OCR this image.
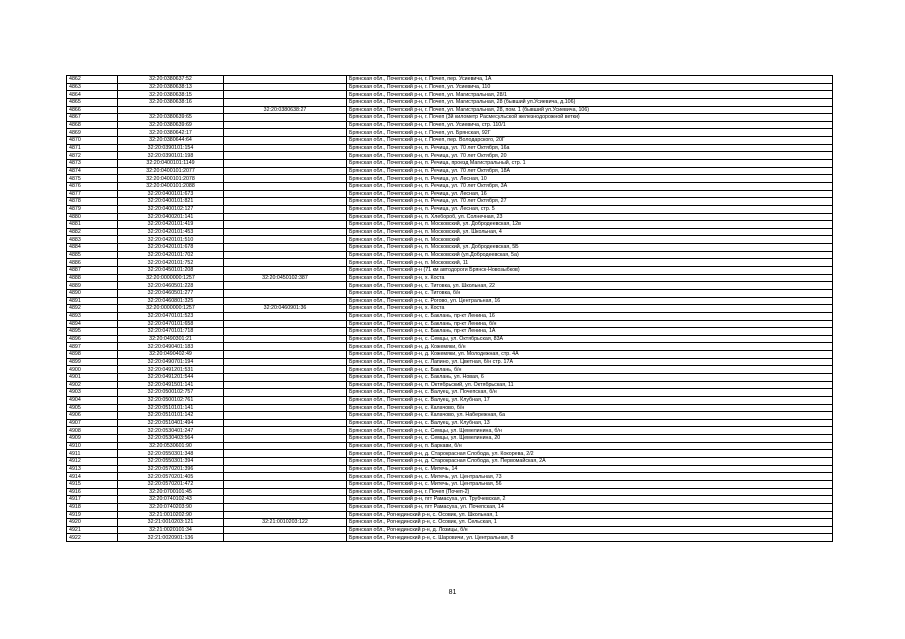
4862	32:20:0380637:52		Брянская обл., Почепский р-н, г. Почеп, пер. Усиевича, 1А
4863	32:20:0380638:13		Брянская обл., Почепский р-н, г. Почеп, ул. Усиевича, 110
4864	32:20:0380638:15		Брянская обл., Почепский р-н, г. Почеп, ул. Магистральная, 28/1
4865	32:20:0380638:16		Брянская обл., Почепский р-н, г. Почеп, ул. Магистральная, 28 (бывший ул.Усиевича, д.106)
4866		32:20:0380638:27	Брянская обл., Почепский р-н, г. Почеп, ул. Магистральная, 28, пом. 1 (бывший ул.Усиевича, 106)
4867	32:20:0380639:65		Брянская обл., Почепский р-н, г. Почеп (3й километр Расмесульской железнодорожной ветки)
4868	32:20:0380639:69		Брянская обл., Почепский р-н, г. Почеп, ул. Усиевича, стр. 110/1
4869	32:20:0380642:17		Брянская обл., Почепский р-н, г. Почеп, ул. Брянская, 92Г
4870	32:20:0380644:64		Брянская обл., Почепский р-н, г. Почеп, пер. Володарского, 20Г
4871	32:20:0390101:154		Брянская обл., Почепский р-н, п. Речица, ул. 70 лет Октября, 16а
4872	32:20:0390101:198		Брянская обл., Почепский р-н, п. Речица, ул. 70 лет Октября, 20
4873	32:20:0400101:1149		Брянская обл., Почепский р-н, п. Речица, проезд Магистральный, стр. 1
4874	32:20:0400101:2077		Брянская обл., Почепский р-н, п. Речица, ул. 70 лет Октября, 18А
4875	32:20:0400101:2078		Брянская обл., Почепский р-н, п. Речица, ул. Лесная, 10
4876	32:20:0400101:2088		Брянская обл., Почепский р-н, п. Речица, ул. 70 лет Октября, 3А
4877	32:20:0400101:673		Брянская обл., Почепский р-н, п. Речица, ул. Лесная, 16
4878	32:20:0400101:821		Брянская обл., Почепский р-н, п. Речица, ул. 70 лет Октября, 27
4879	32:20:0400102:127		Брянская обл., Почепский р-н, п. Речица, ул. Лесная, стр. 5
4880	32:20:0400201:141		Брянская обл., Почепский р-н, п. Хлебороб, ул. Солнечная, 23
4881	32:20:0420101:419		Брянская обл., Почепский р-н, п. Московский, ул. Добродеевская, 12в
4882	32:20:0420101:453		Брянская обл., Почепский р-н, п. Московский, ул. Школьная, 4
4883	32:20:0420101:510		Брянская обл., Почепский р-н, п. Московский
4884	32:20:0420101:678		Брянская обл., Почепский р-н, п. Московский, ул. Добродеевская, 5Б
4885	32:20:0420101:702		Брянская обл., Почепский р-н, п. Московский (ул.Добродеевская, 5а)
4886	32:20:0420101:752		Брянская обл., Почепский р-н, п. Московский, 11
4887	32:20:0450101:208		Брянская обл., Почепский р-н (71 км автодороги Брянск-Новозыбков)
4888	32:20:0000000:1257	32:20:0450102:387	Брянская обл., Почепский р-н, х. Коста
4889	32:20:0460501:228		Брянская обл., Почепский р-н, с. Титовка, ул. Школьная, 22
4890	32:20:0460501:277		Брянская обл., Почепский р-н, с. Титовка, б/н
4891	32:20:0460801:325		Брянская обл., Почепский р-н, с. Рогово, ул. Центральная, 16
4892	32:20:0000000:1257	32:20:0460901:36	Брянская обл., Почепский р-н, х. Коста
4893	32:20:0470101:523		Брянская обл., Почепский р-н, с. Баклань, пр-кт Ленина, 16
4894	32:20:0470101:658		Брянская обл., Почепский р-н, с. Баклань, пр-кт Ленина, б/н
4895	32:20:0470101:718		Брянская обл., Почепский р-н, с. Баклань, пр-кт Ленина, 1А
4896	32:20:0490301:21		Брянская обл., Почепский р-н, с. Семцы, ул. Октябрьская, 83А
4897	32:20:0490401:183		Брянская обл., Почепский р-н, д. Кожемяки, б/н
4898	32:20:0490402:49		Брянская обл., Почепский р-н, д. Кожемяки, ул. Молодежная, стр. 4А
4899	32:20:0490701:194		Брянская обл., Почепский р-н, с. Лапино, ул. Цветная, б/н стр. 17А
4900	32:20:0491201:531		Брянская обл., Почепский р-н, с. Баклань, б/н
4901	32:20:0491201:544		Брянская обл., Почепский р-н, с. Баклань, ул. Новая, 6
4902	32:20:0491501:141		Брянская обл., Почепский р-н, п. Октябрьский, ул. Октябрьская, 11
4903	32:20:0500102:757		Брянская обл., Почепский р-н, с. Валуец, ул. Почепская, б/н
4904	32:20:0500102:761		Брянская обл., Почепский р-н, с. Валуец, ул. Клубная, 17
4905	32:20:0510101:141		Брянская обл., Почепский р-н, с. Калачово, б/н
4906	32:20:0510101:142		Брянская обл., Почепский р-н, с. Калачово, ул. Набережная, 6а
4907	32:20:0510401:494		Брянская обл., Почепский р-н, с. Валуец, ул. Клубная, 13
4908	32:20:0530401:247		Брянская обл., Почепский р-н, с. Семцы, ул. Щемелинина, б/н
4909	32:20:0530403:564		Брянская обл., Почепский р-н, с. Семцы, ул. Щемелинина, 20
4910	32:20:0530601:90		Брянская обл., Почепский р-н, п. Баркави, б/н
4911	32:20:0550301:348		Брянская обл., Почепский р-н, д. Старокрасная Слобода, ул. Кокорева, 2/2
4912	32:20:0550301:394		Брянская обл., Почепский р-н, д. Старокрасная Слобода, ул. Первомайская, 2А
4913	32:20:0570201:396		Брянская обл., Почепский р-н, с. Митечь, 14
4914	32:20:0570201:405		Брянская обл., Почепский р-н, с. Митечь, ул. Центральная, 73
4915	32:20:0570201:472		Брянская обл., Почепский р-н, с. Митечь, ул. Центральная, 56
4916	32:20:0700101:45		Брянская обл., Почепский р-н, г. Почеп (Почеп-2)
4917	32:20:0740102:43		Брянская обл., Почепский р-н, пгт Рамасуха, ул. Трубчевская, 2
4918	32:20:0740203:90		Брянская обл., Почепский р-н, пгт Рамасуха, ул. Почепская, 14
4919	32:21:0010202:90		Брянская обл., Рогнединский р-н, с. Осовик, ул. Школьная, 1
4920	32:21:0010203:121	32:21:0010203:122	Брянская обл., Рогнединский р-н, с. Осовик, ул. Сельская, 1
4921	32:21:0020101:34		Брянская обл., Рогнединский р-н, д. Лозицы, б/н
4922	32:21:0020901:136		Брянская обл., Рогнединский р-н, с. Шаровичи, ул. Центральная, 8
81
